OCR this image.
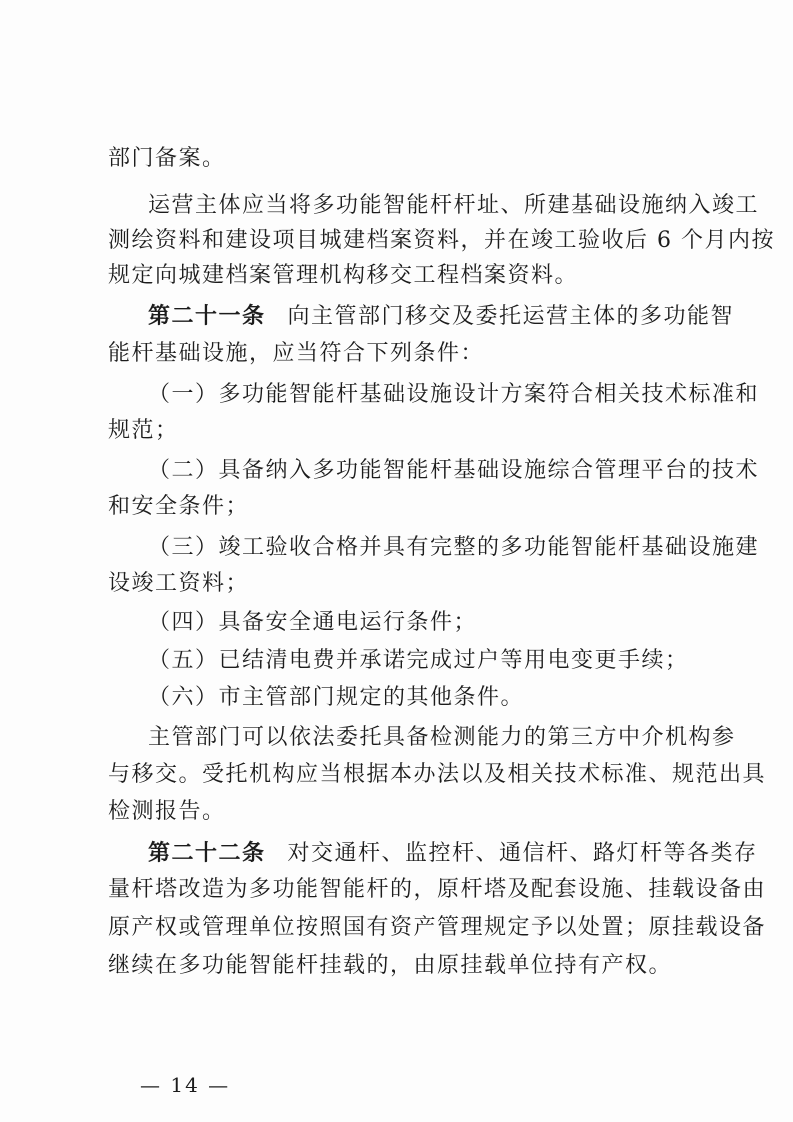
部门备案。
运营主体应当将多功能智能杆杆址、所建基础设施纳入竣工
测绘资料和建设项目城建档案资料，并在竣工验收后 6 个月内按
规定向城建档案管理机构移交工程档案资料。
第二十一条 向主管部门移交及委托运营主体的多功能智
能杆基础设施，应当符合下列条件：
（一）多功能智能杆基础设施设计方案符合相关技术标准和
规范；
（二）具备纳入多功能智能杆基础设施综合管理平台的技术
和安全条件；
（三）竣工验收合格并具有完整的多功能智能杆基础设施建
设竣工资料；
（四）具备安全通电运行条件；
（五）已结清电费并承诺完成过户等用电变更手续；
（六）市主管部门规定的其他条件。
主管部门可以依法委托具备检测能力的第三方中介机构参
与移交。受托机构应当根据本办法以及相关技术标准、规范出具
检测报告。
第二十二条 对交通杆、监控杆、通信杆、路灯杆等各类存
量杆塔改造为多功能智能杆的，原杆塔及配套设施、挂载设备由
原产权或管理单位按照国有资产管理规定予以处置；原挂载设备
继续在多功能智能杆挂载的，由原挂载单位持有产权。
— 14 —
